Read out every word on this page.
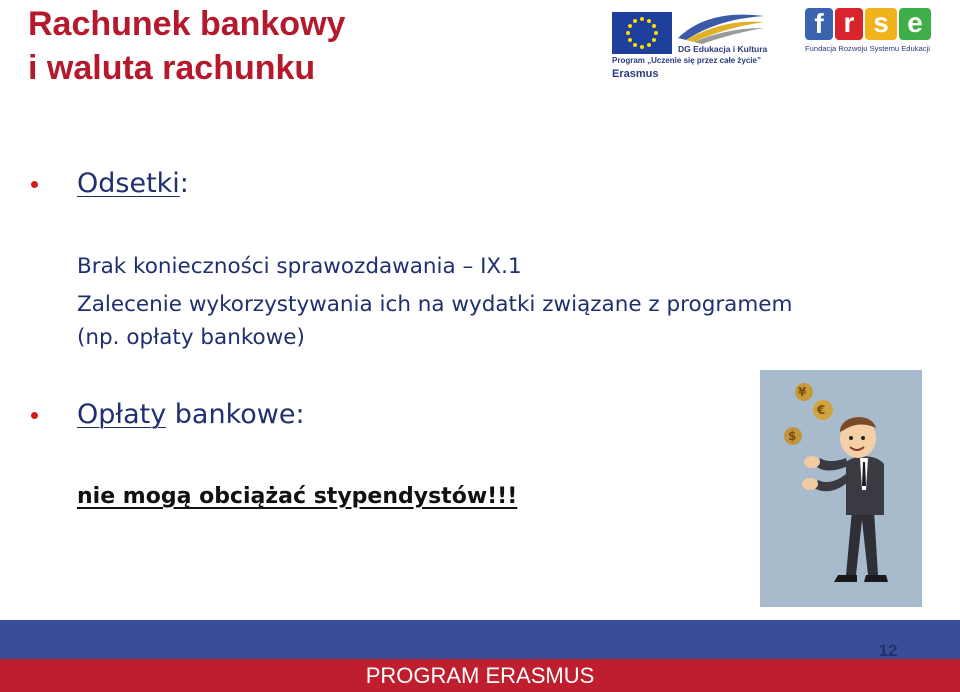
Rachunek bankowy
i waluta rachunku	DG Edukacja i Kultura
Program „Uczenie się przez całe życie”
Erasmus
f r s e
Fundacja Rozwoju Systemu Edukacji
Odsetki:
Brak konieczności sprawozdawania – IX.1
Zalecenie wykorzystywania ich na wydatki związane z programem
(np. opłaty bankowe)
Opłaty bankowe:
nie mogą obciążać stypendystów!!!
¥
€
$
PROGRAM ERASMUS
12
